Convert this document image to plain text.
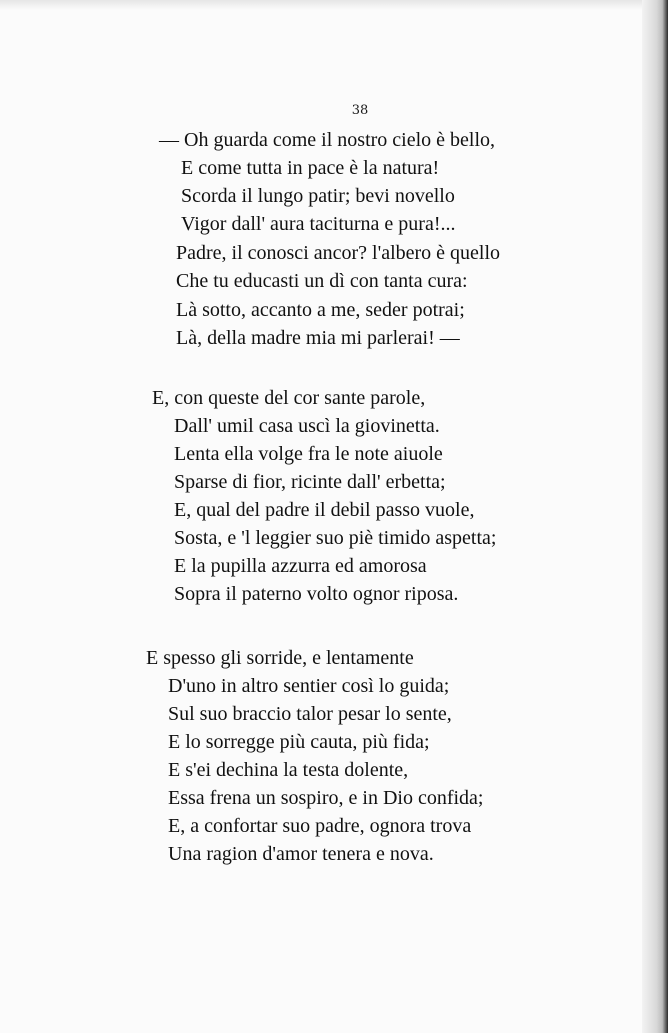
38
— Oh guarda come il nostro cielo è bello,
E come tutta in pace è la natura!
Scorda il lungo patir; bevi novello
Vigor dall' aura taciturna e pura!...
Padre, il conosci ancor? l'albero è quello
Che tu educasti un dì con tanta cura:
Là sotto, accanto a me, seder potrai;
Là, della madre mia mi parlerai! —
E, con queste del cor sante parole,
Dall' umil casa uscì la giovinetta.
Lenta ella volge fra le note aiuole
Sparse di fior, ricinte dall' erbetta;
E, qual del padre il debil passo vuole,
Sosta, e 'l leggier suo piè timido aspetta;
E la pupilla azzurra ed amorosa
Sopra il paterno volto ognor riposa.
E spesso gli sorride, e lentamente
D'uno in altro sentier così lo guida;
Sul suo braccio talor pesar lo sente,
E lo sorregge più cauta, più fida;
E s'ei dechina la testa dolente,
Essa frena un sospiro, e in Dio confida;
E, a confortar suo padre, ognora trova
Una ragion d'amor tenera e nova.
